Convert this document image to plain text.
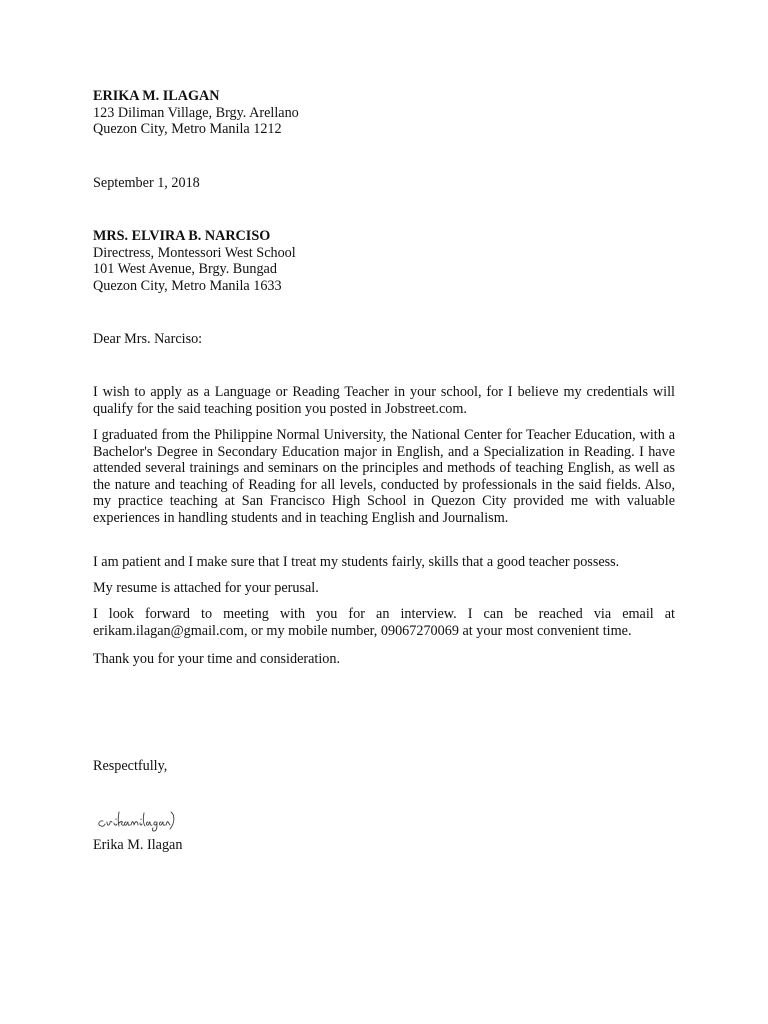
ERIKA M. ILAGAN
123 Diliman Village, Brgy. Arellano
Quezon City, Metro Manila 1212
September 1, 2018
MRS. ELVIRA B. NARCISO
Directress, Montessori West School
101 West Avenue, Brgy. Bungad
Quezon City, Metro Manila 1633
Dear Mrs. Narciso:

I wish to apply as a Language or Reading Teacher in your school, for I believe my credentials will qualify for the said teaching position you posted in Jobstreet.com.

I graduated from the Philippine Normal University, the National Center for Teacher Education, with a Bachelor's Degree in Secondary Education major in English, and a Specialization in Reading. I have attended several trainings and seminars on the principles and methods of teaching English, as well as the nature and teaching of Reading for all levels, conducted by professionals in the said fields. Also, my practice teaching at San Francisco High School in Quezon City provided me with valuable experiences in handling students and in teaching English and Journalism.

I am patient and I make sure that I treat my students fairly, skills that a good teacher possess.

My resume is attached for your perusal.

I look forward to meeting with you for an interview. I can be reached via email at erikam.ilagan@gmail.com, or my mobile number, 09067270069 at your most convenient time.

Thank you for your time and consideration.

Respectfully,
Erika M. Ilagan
